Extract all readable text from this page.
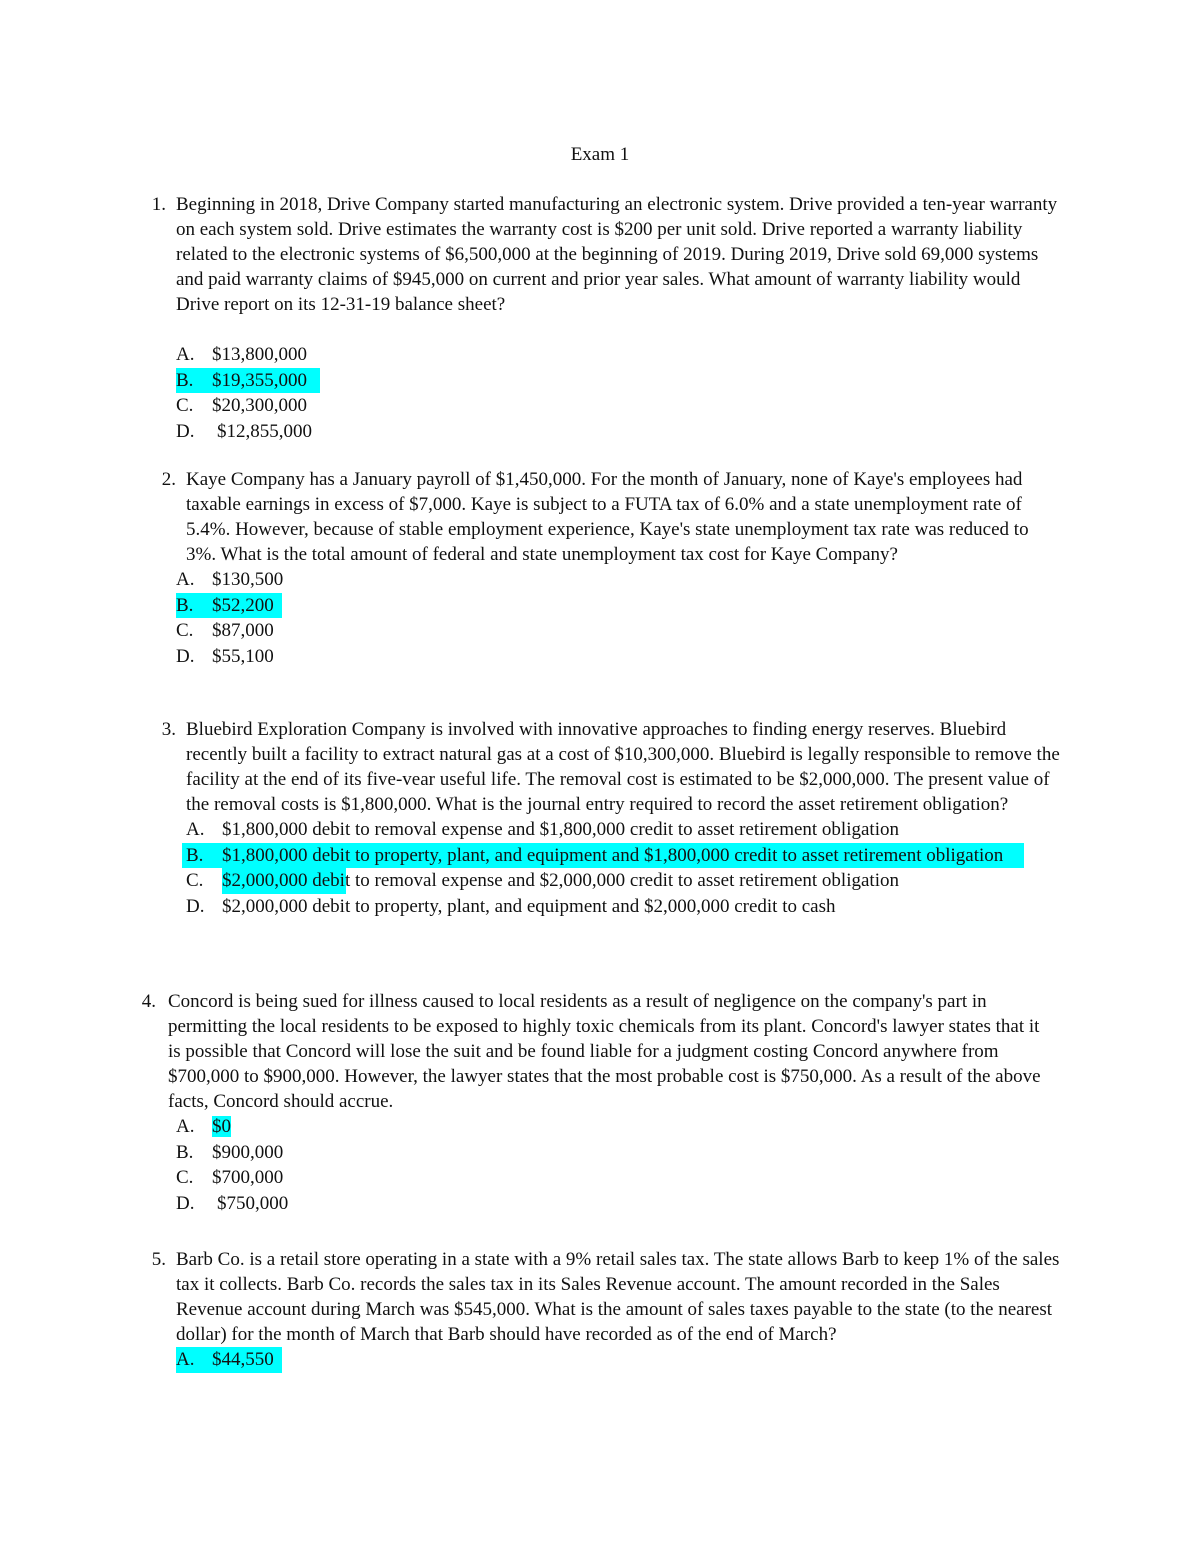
Exam 1
1. Beginning in 2018, Drive Company started manufacturing an electronic system. Drive provided a ten-year warranty on each system sold. Drive estimates the warranty cost is $200 per unit sold. Drive reported a warranty liability related to the electronic systems of $6,500,000 at the beginning of 2019. During 2019, Drive sold 69,000 systems and paid warranty claims of $945,000 on current and prior year sales. What amount of warranty liability would Drive report on its 12-31-19 balance sheet?

A. $13,800,000
B. $19,355,000
C. $20,300,000
D. $12,855,000
2. Kaye Company has a January payroll of $1,450,000. For the month of January, none of Kaye's employees had taxable earnings in excess of $7,000. Kaye is subject to a FUTA tax of 6.0% and a state unemployment rate of 5.4%. However, because of stable employment experience, Kaye's state unemployment tax rate was reduced to 3%. What is the total amount of federal and state unemployment tax cost for Kaye Company?

A. $130,500
B. $52,200
C. $87,000
D. $55,100
3. Bluebird Exploration Company is involved with innovative approaches to finding energy reserves. Bluebird recently built a facility to extract natural gas at a cost of $10,300,000. Bluebird is legally responsible to remove the facility at the end of its five-vear useful life. The removal cost is estimated to be $2,000,000. The present value of the removal costs is $1,800,000. What is the journal entry required to record the asset retirement obligation?

A. $1,800,000 debit to removal expense and $1,800,000 credit to asset retirement obligation
B. $1,800,000 debit to property, plant, and equipment and $1,800,000 credit to asset retirement obligation
C. $2,000,000 debit to removal expense and $2,000,000 credit to asset retirement obligation
D. $2,000,000 debit to property, plant, and equipment and $2,000,000 credit to cash
4. Concord is being sued for illness caused to local residents as a result of negligence on the company's part in permitting the local residents to be exposed to highly toxic chemicals from its plant. Concord's lawyer states that it is possible that Concord will lose the suit and be found liable for a judgment costing Concord anywhere from $700,000 to $900,000. However, the lawyer states that the most probable cost is $750,000. As a result of the above facts, Concord should accrue.

A. $0
B. $900,000
C. $700,000
D. $750,000
5. Barb Co. is a retail store operating in a state with a 9% retail sales tax. The state allows Barb to keep 1% of the sales tax it collects. Barb Co. records the sales tax in its Sales Revenue account. The amount recorded in the Sales Revenue account during March was $545,000. What is the amount of sales taxes payable to the state (to the nearest dollar) for the month of March that Barb should have recorded as of the end of March?

A. $44,550
